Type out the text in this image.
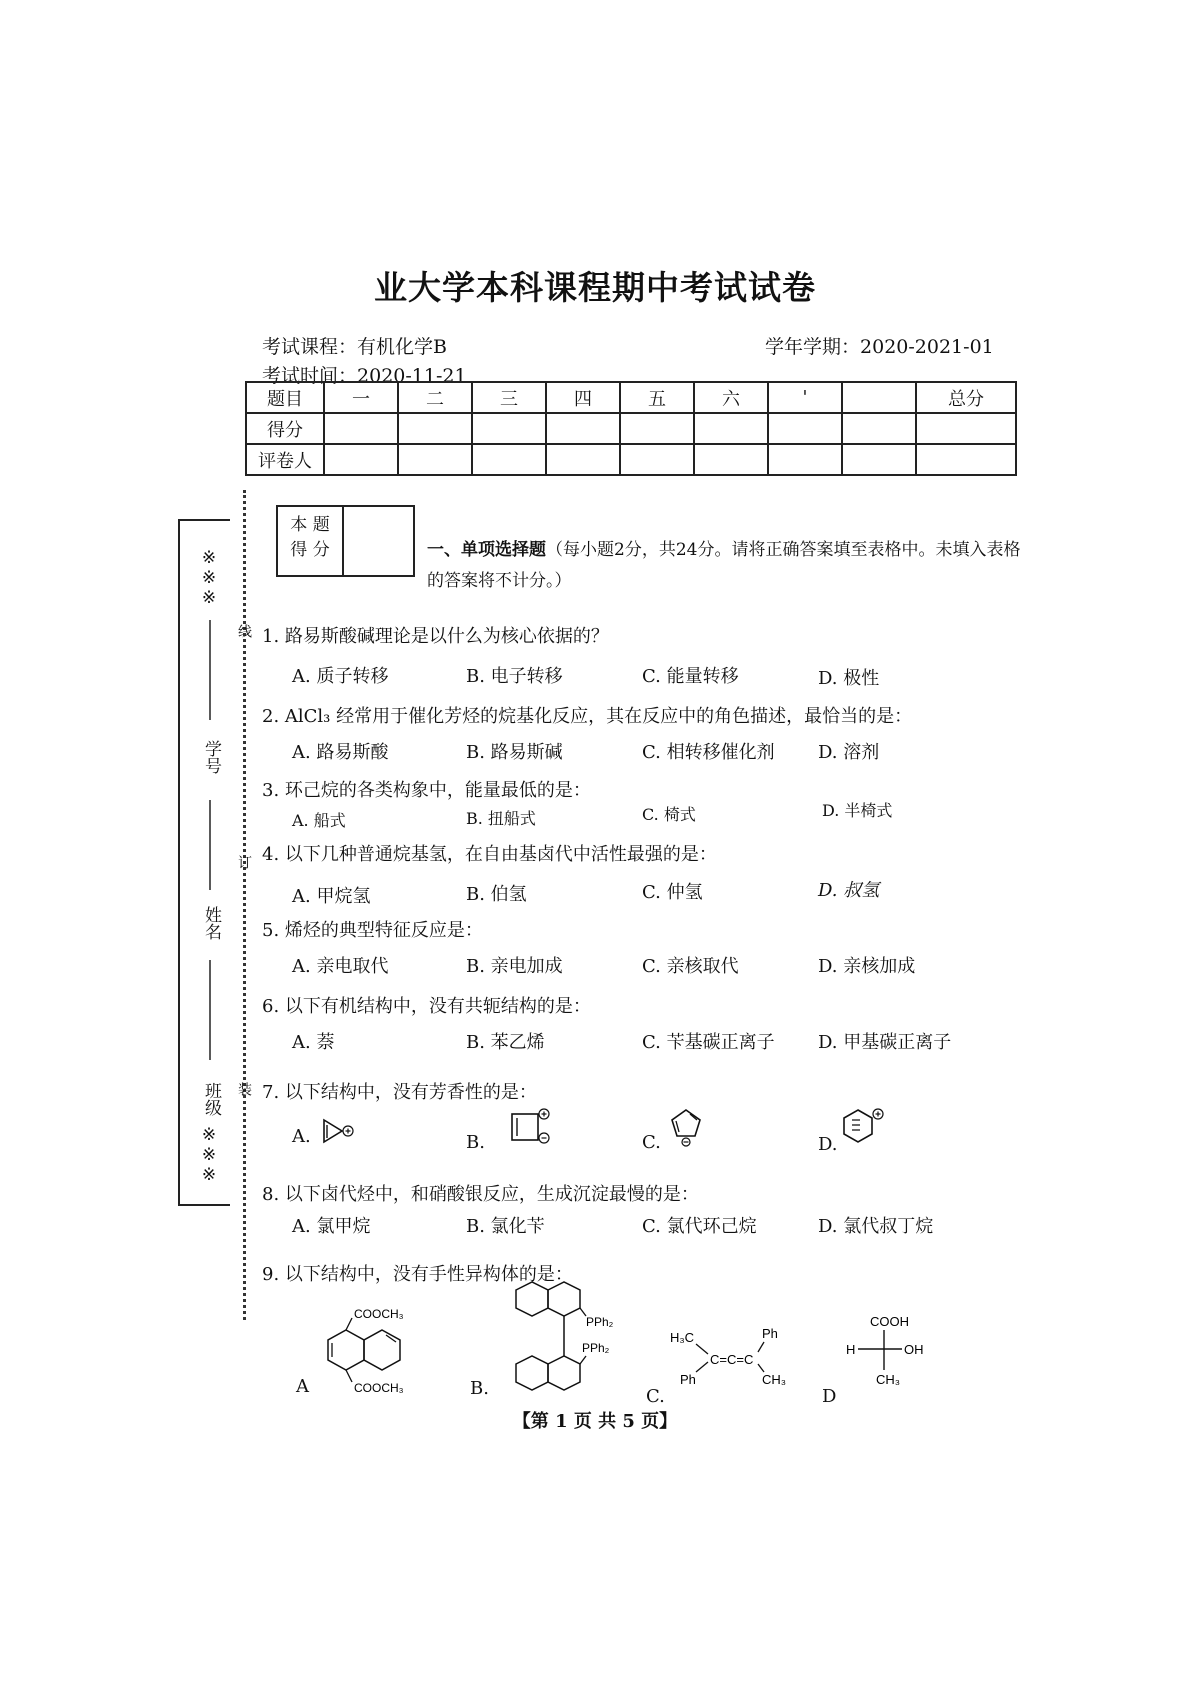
业大学本科课程期中考试试卷
考试课程：有机化学B	学年学期：2020-2021-01
考试时间：2020-11-21
题目	一	二	三	四	五	六	'		总分
得分									
评卷人									
※※※
学号
姓名
班级
※※※
线
订
装
本 题
得 分	一、单项选择题（每小题2分，共24分。请将正确答案填至表格中。未填入表格的答案将不计分。）
1. 路易斯酸碱理论是以什么为核心依据的？
A. 质子转移	B. 电子转移	C. 能量转移	D. 极性
2. AlCl₃ 经常用于催化芳烃的烷基化反应，其在反应中的角色描述，最恰当的是：
A. 路易斯酸	B. 路易斯碱	C. 相转移催化剂 D. 溶剂
3. 环己烷的各类构象中，能量最低的是：
A. 船式	B. 扭船式	C. 椅式	D. 半椅式
4. 以下几种普通烷基氢，在自由基卤代中活性最强的是：
A. 甲烷氢	B. 伯氢	C. 仲氢	D. 叔氢
5. 烯烃的典型特征反应是：
A. 亲电取代	B. 亲电加成	C. 亲核取代	D. 亲核加成
6. 以下有机结构中，没有共轭结构的是：
A. 萘	B. 苯乙烯	C. 苄基碳正离子 D. 甲基碳正离子
7. 以下结构中，没有芳香性的是：
A.	B.	C.	D.
8. 以下卤代烃中，和硝酸银反应，生成沉淀最慢的是：
A. 氯甲烷	B. 氯化苄	C. 氯代环己烷	D. 氯代叔丁烷
9. 以下结构中，没有手性异构体的是：
A	B.	C.	D
COOCH₃
COOCH₃
PPh₂
PPh₂
H₃C	Ph
Ph	CH₃
C=C=C
COOH
H	OH
CH₃
【第 1 页 共 5 页】
